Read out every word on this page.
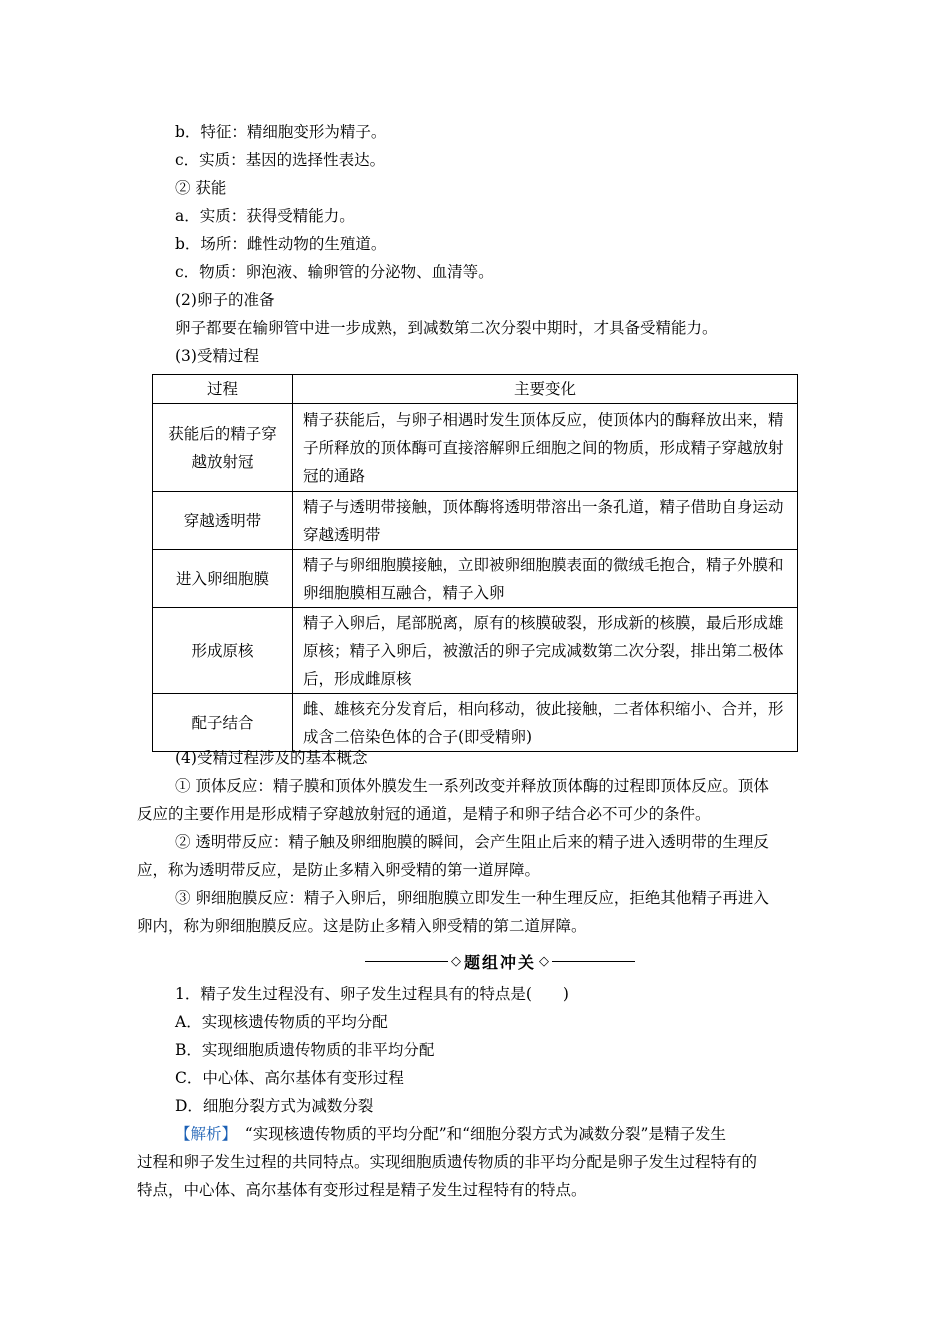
b．特征：精细胞变形为精子。
c．实质：基因的选择性表达。
② 获能
a．实质：获得受精能力。
b．场所：雌性动物的生殖道。
c．物质：卵泡液、输卵管的分泌物、血清等。
(2)卵子的准备
卵子都要在输卵管中进一步成熟，到减数第二次分裂中期时，才具备受精能力。
(3)受精过程
过程	主要变化
获能后的精子穿越放射冠	精子获能后，与卵子相遇时发生顶体反应，使顶体内的酶释放出来，精子所释放的顶体酶可直接溶解卵丘细胞之间的物质，形成精子穿越放射冠的通路
穿越透明带	精子与透明带接触，顶体酶将透明带溶出一条孔道，精子借助自身运动穿越透明带
进入卵细胞膜	精子与卵细胞膜接触，立即被卵细胞膜表面的微绒毛抱合，精子外膜和卵细胞膜相互融合，精子入卵
形成原核	精子入卵后，尾部脱离，原有的核膜破裂，形成新的核膜，最后形成雄原核；精子入卵后，被激活的卵子完成减数第二次分裂，排出第二极体后，形成雌原核
配子结合	雌、雄核充分发育后，相向移动，彼此接触，二者体积缩小、合并，形成含二倍染色体的合子(即受精卵)
(4)受精过程涉及的基本概念
① 顶体反应：精子膜和顶体外膜发生一系列改变并释放顶体酶的过程即顶体反应。顶体
反应的主要作用是形成精子穿越放射冠的通道，是精子和卵子结合必不可少的条件。
② 透明带反应：精子触及卵细胞膜的瞬间，会产生阻止后来的精子进入透明带的生理反
应，称为透明带反应，是防止多精入卵受精的第一道屏障。
③ 卵细胞膜反应：精子入卵后，卵细胞膜立即发生一种生理反应，拒绝其他精子再进入
卵内，称为卵细胞膜反应。这是防止多精入卵受精的第二道屏障。
◇ 题组冲关 ◇
1．精子发生过程没有、卵子发生过程具有的特点是(　　)
A．实现核遗传物质的平均分配
B．实现细胞质遗传物质的非平均分配
C．中心体、高尔基体有变形过程
D．细胞分裂方式为减数分裂
【解析】　“实现核遗传物质的平均分配”和“细胞分裂方式为减数分裂”是精子发生
过程和卵子发生过程的共同特点。实现细胞质遗传物质的非平均分配是卵子发生过程特有的
特点，中心体、高尔基体有变形过程是精子发生过程特有的特点。
